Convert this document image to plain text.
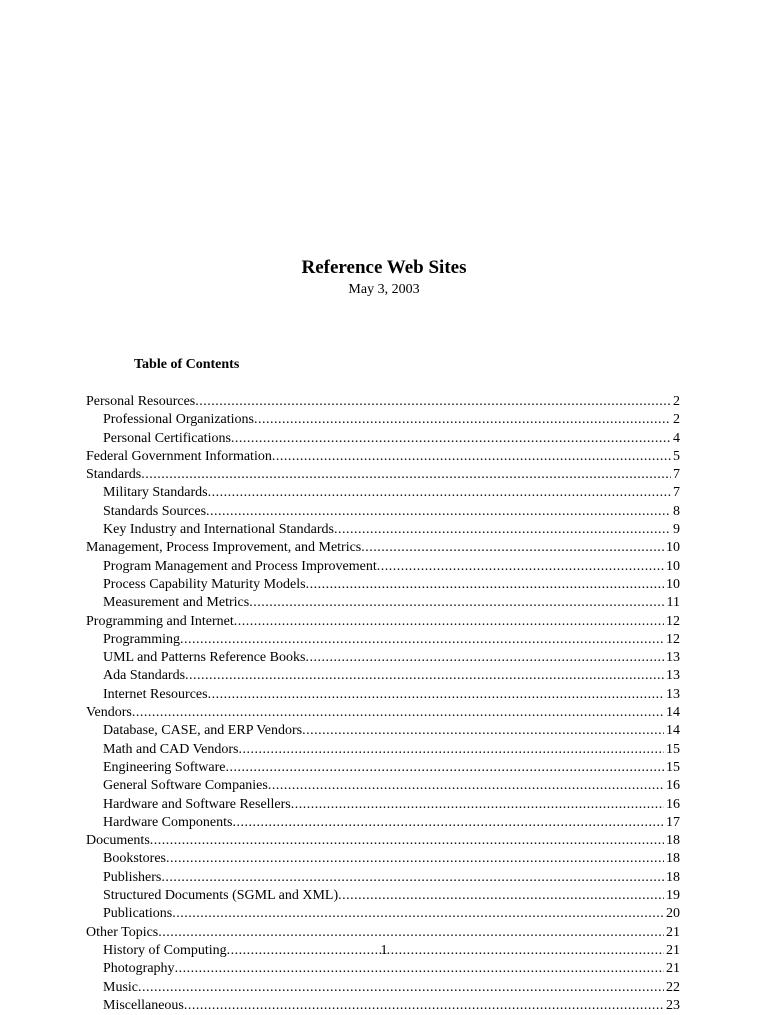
Reference Web Sites
May 3, 2003
Table of Contents
Personal Resources . . .	2
Professional Organizations . . .	2
Personal Certifications . . .	4
Federal Government Information . . .	5
Standards . . .	7
Military Standards . . .	7
Standards Sources . . .	8
Key Industry and International Standards . . .	9
Management, Process Improvement, and Metrics . . .	10
Program Management and Process Improvement . . .	10
Process Capability Maturity Models . . .	10
Measurement and Metrics . . .	11
Programming and Internet . . .	12
Programming . . .	12
UML and Patterns Reference Books . . .	13
Ada Standards . . .	13
Internet Resources . . .	13
Vendors . . .	14
Database, CASE, and ERP Vendors . . .	14
Math and CAD Vendors . . .	15
Engineering Software . . .	15
General Software Companies . . .	16
Hardware and Software Resellers . . .	16
Hardware Components . . .	17
Documents . . .	18
Bookstores . . .	18
Publishers . . .	18
Structured Documents (SGML and XML) . . .	19
Publications . . .	20
Other Topics . . .	21
History of Computing . . .	21
Photography . . .	21
Music . . .	22
Miscellaneous . . .	23
1
